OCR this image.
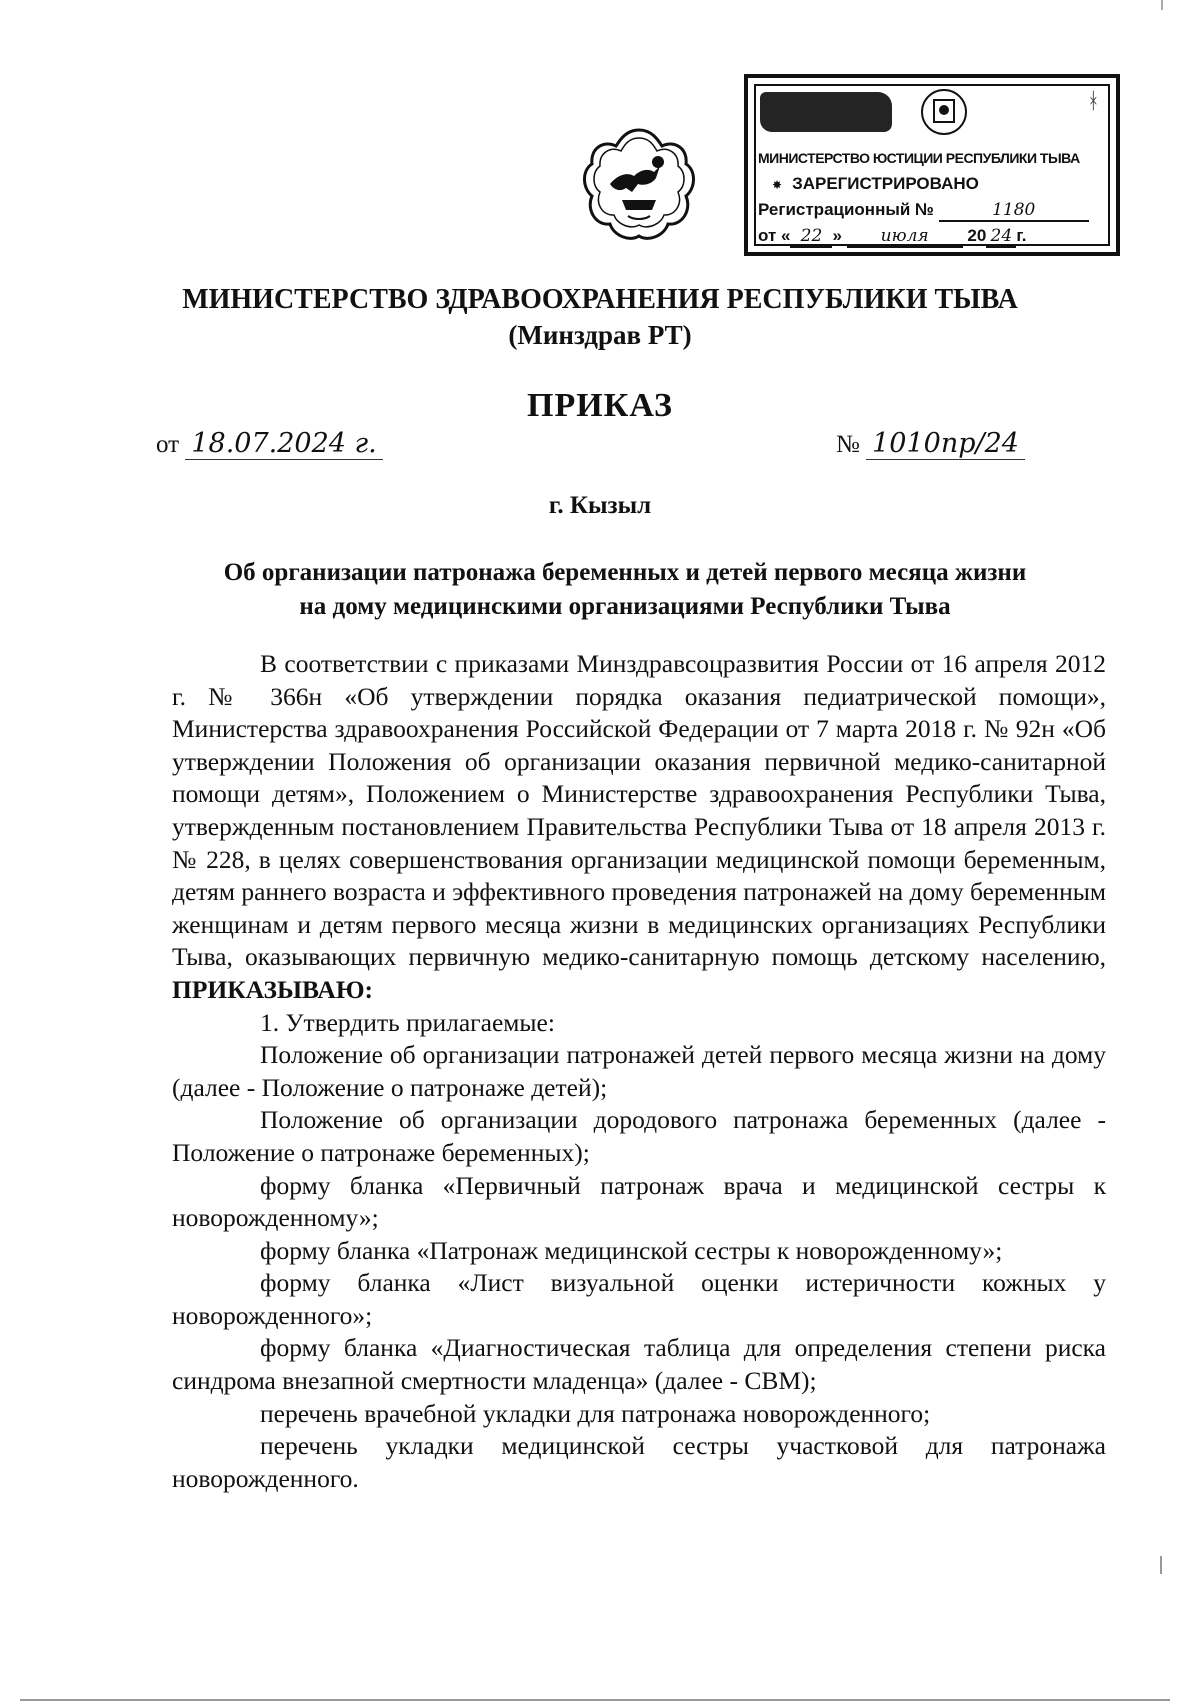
ᚼ
МИНИСТЕРСТВО ЮСТИЦИИ РЕСПУБЛИКИ ТЫВА
✸ ЗАРЕГИСТРИРОВАНО
Регистрационный №	1180
от « 22 » июля 20 24 г.
МИНИСТЕРСТВО ЗДРАВООХРАНЕНИЯ РЕСПУБЛИКИ ТЫВА
(Минздрав РТ)
ПРИКАЗ
от 18.07.2024 г.	№ 1010пр/24
г. Кызыл
Об организации патронажа беременных и детей первого месяца жизни
на дому медицинскими организациями Республики Тыва

В соответствии с приказами Минздравсоцразвития России от 16 апреля 2012 г. № 366н «Об утверждении порядка оказания педиатрической помощи», Министерства здравоохранения Российской Федерации от 7 марта 2018 г. № 92н «Об утверждении Положения об организации оказания первичной медико-санитарной помощи детям», Положением о Министерстве здравоохранения Республики Тыва, утвержденным постановлением Правительства Республики Тыва от 18 апреля 2013 г. № 228, в целях совершенствования организации медицинской помощи беременным, детям раннего возраста и эффективного проведения патронажей на дому беременным женщинам и детям первого месяца жизни в медицинских организациях Республики Тыва, оказывающих первичную медико-санитарную помощь детскому населению, ПРИКАЗЫВАЮ:

1. Утвердить прилагаемые:

Положение об организации патронажей детей первого месяца жизни на дому (далее - Положение о патронаже детей);

Положение об организации дородового патронажа беременных (далее - Положение о патронаже беременных);

форму бланка «Первичный патронаж врача и медицинской сестры к новорожденному»;

форму бланка «Патронаж медицинской сестры к новорожденному»;

форму бланка «Лист визуальной оценки истеричности кожных у новорожденного»;

форму бланка «Диагностическая таблица для определения степени риска синдрома внезапной смертности младенца» (далее - СВМ);

перечень врачебной укладки для патронажа новорожденного;

перечень укладки медицинской сестры участковой для патронажа новорожденного.
